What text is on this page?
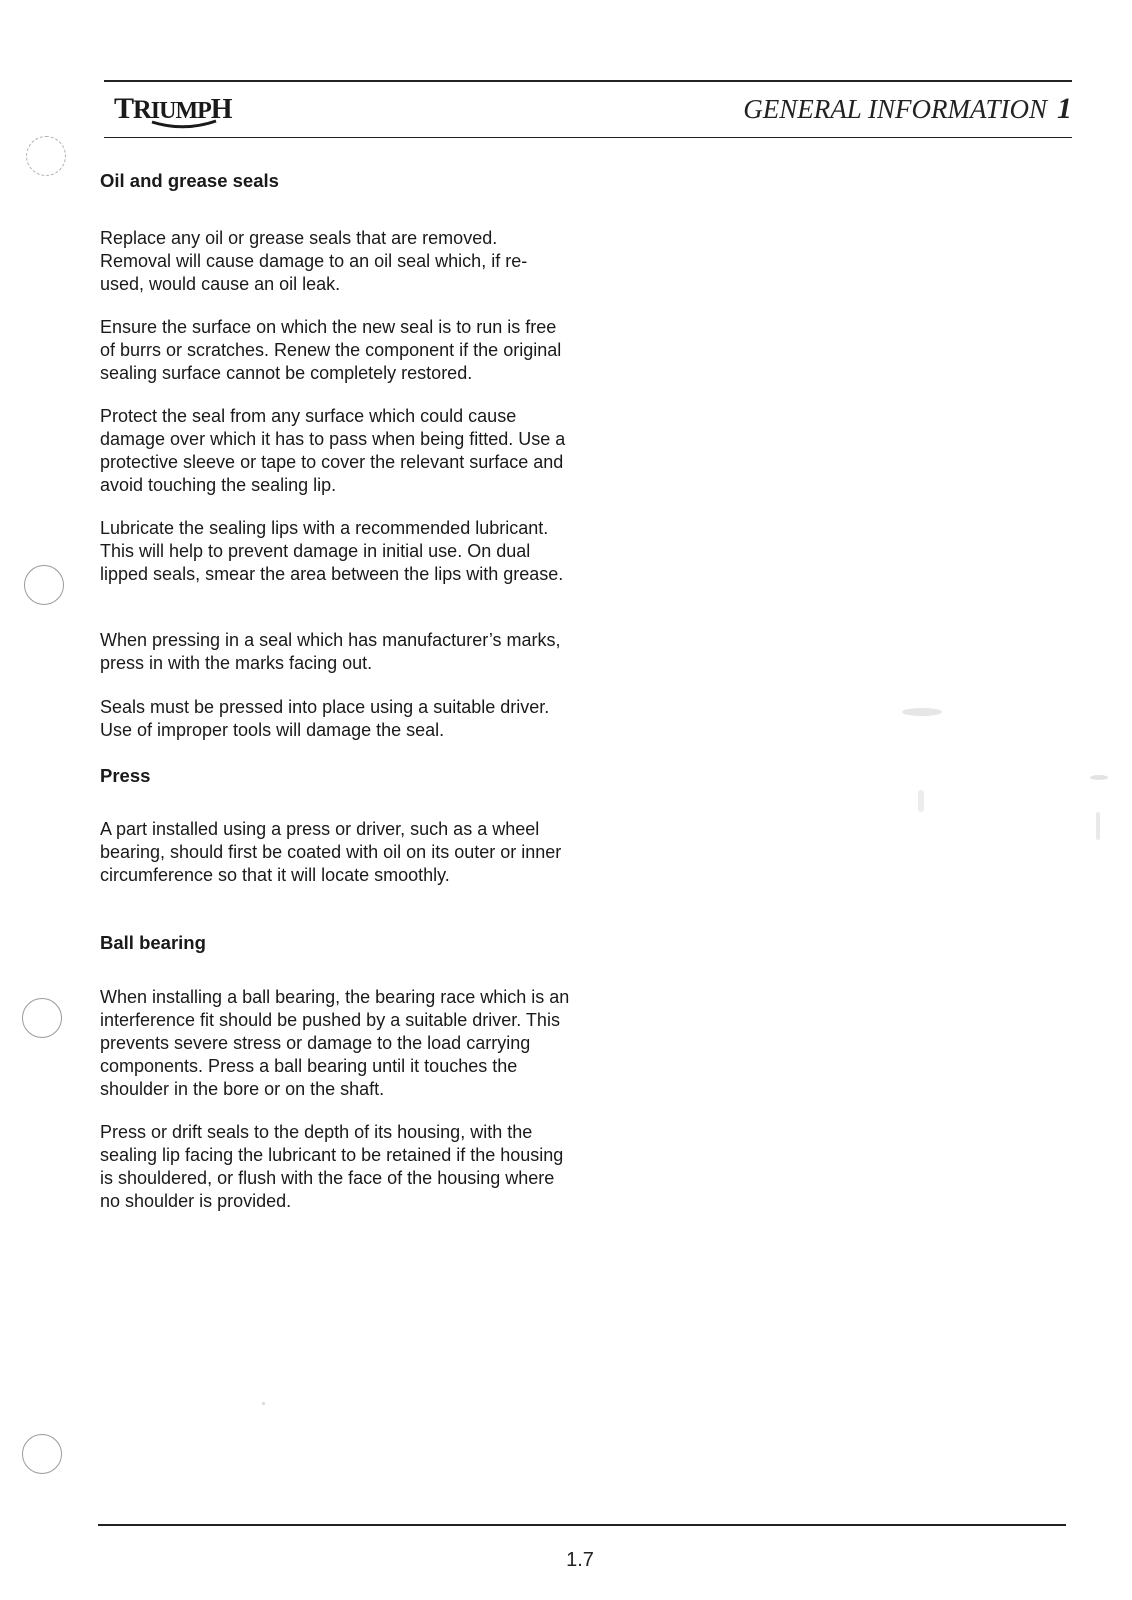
TRIUMPH	GENERAL INFORMATION 1
Oil and grease seals

Replace any oil or grease seals that are removed. Removal will cause damage to an oil seal which, if re-used, would cause an oil leak.

Ensure the surface on which the new seal is to run is free of burrs or scratches. Renew the component if the original sealing surface cannot be completely restored.

Protect the seal from any surface which could cause damage over which it has to pass when being fitted. Use a protective sleeve or tape to cover the relevant surface and avoid touching the sealing lip.

Lubricate the sealing lips with a recommended lubricant. This will help to prevent damage in initial use. On dual lipped seals, smear the area between the lips with grease.

When pressing in a seal which has manufacturer’s marks, press in with the marks facing out.

Seals must be pressed into place using a suitable driver. Use of improper tools will damage the seal.

Press

A part installed using a press or driver, such as a wheel bearing, should first be coated with oil on its outer or inner circumference so that it will locate smoothly.

Ball bearing

When installing a ball bearing, the bearing race which is an interference fit should be pushed by a suitable driver. This prevents severe stress or damage to the load carrying components. Press a ball bearing until it touches the shoulder in the bore or on the shaft.

Press or drift seals to the depth of its housing, with the sealing lip facing the lubricant to be retained if the housing is shouldered, or flush with the face of the housing where no shoulder is provided.

1.7
